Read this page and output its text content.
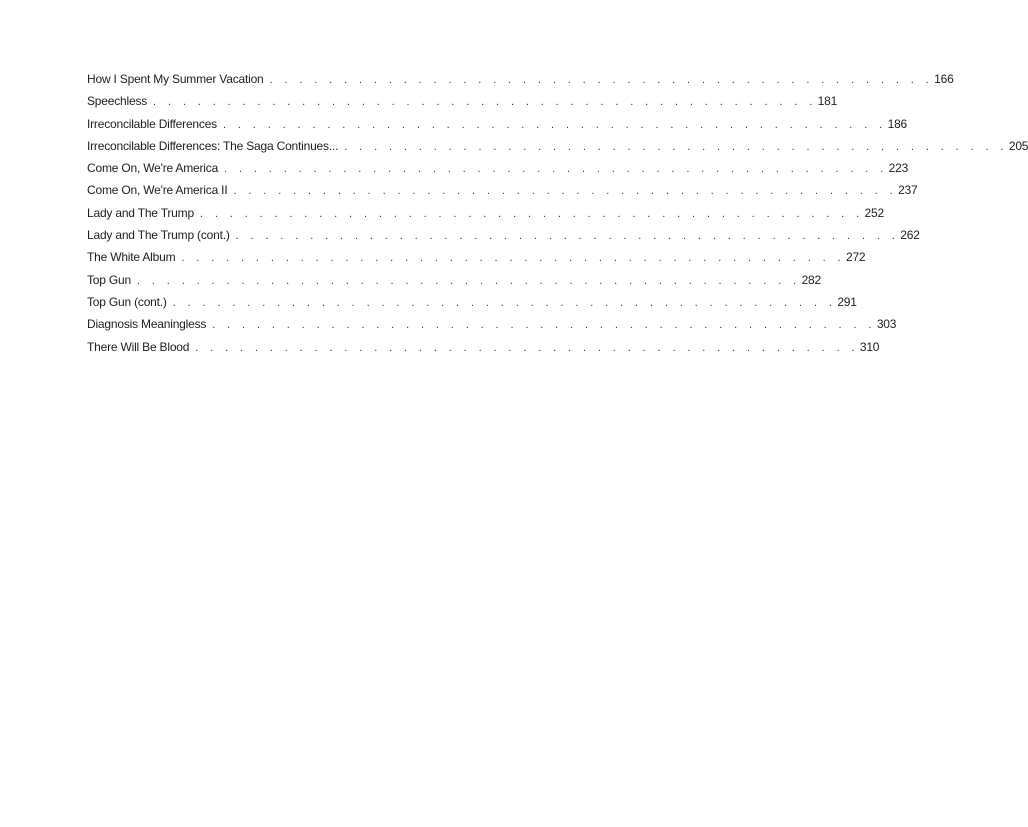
How I Spent My Summer Vacation . . . . . . . . . . . . . . . . . . . . . . . . . . . . . . . . . . . . . . . . . . . . . 166
Speechless . . . . . . . . . . . . . . . . . . . . . . . . . . . . . . . . . . . . . . . . . . . . . 181
Irreconcilable Differences . . . . . . . . . . . . . . . . . . . . . . . . . . . . . . . . . . . . . . . . . . . . . 186
Irreconcilable Differences: The Saga Continues... . . . . . . . . . . . . . . . . . . . . . . . . . . . . . . . . . . . . . . . . . . . . . 205
Come On, We're America . . . . . . . . . . . . . . . . . . . . . . . . . . . . . . . . . . . . . . . . . . . . . 223
Come On, We're America II . . . . . . . . . . . . . . . . . . . . . . . . . . . . . . . . . . . . . . . . . . . . . 237
Lady and The Trump . . . . . . . . . . . . . . . . . . . . . . . . . . . . . . . . . . . . . . . . . . . . . 252
Lady and The Trump (cont.) . . . . . . . . . . . . . . . . . . . . . . . . . . . . . . . . . . . . . . . . . . . . . 262
The White Album . . . . . . . . . . . . . . . . . . . . . . . . . . . . . . . . . . . . . . . . . . . . . 272
Top Gun . . . . . . . . . . . . . . . . . . . . . . . . . . . . . . . . . . . . . . . . . . . . . 282
Top Gun (cont.) . . . . . . . . . . . . . . . . . . . . . . . . . . . . . . . . . . . . . . . . . . . . . 291
Diagnosis Meaningless . . . . . . . . . . . . . . . . . . . . . . . . . . . . . . . . . . . . . . . . . . . . . 303
There Will Be Blood . . . . . . . . . . . . . . . . . . . . . . . . . . . . . . . . . . . . . . . . . . . . . 310
